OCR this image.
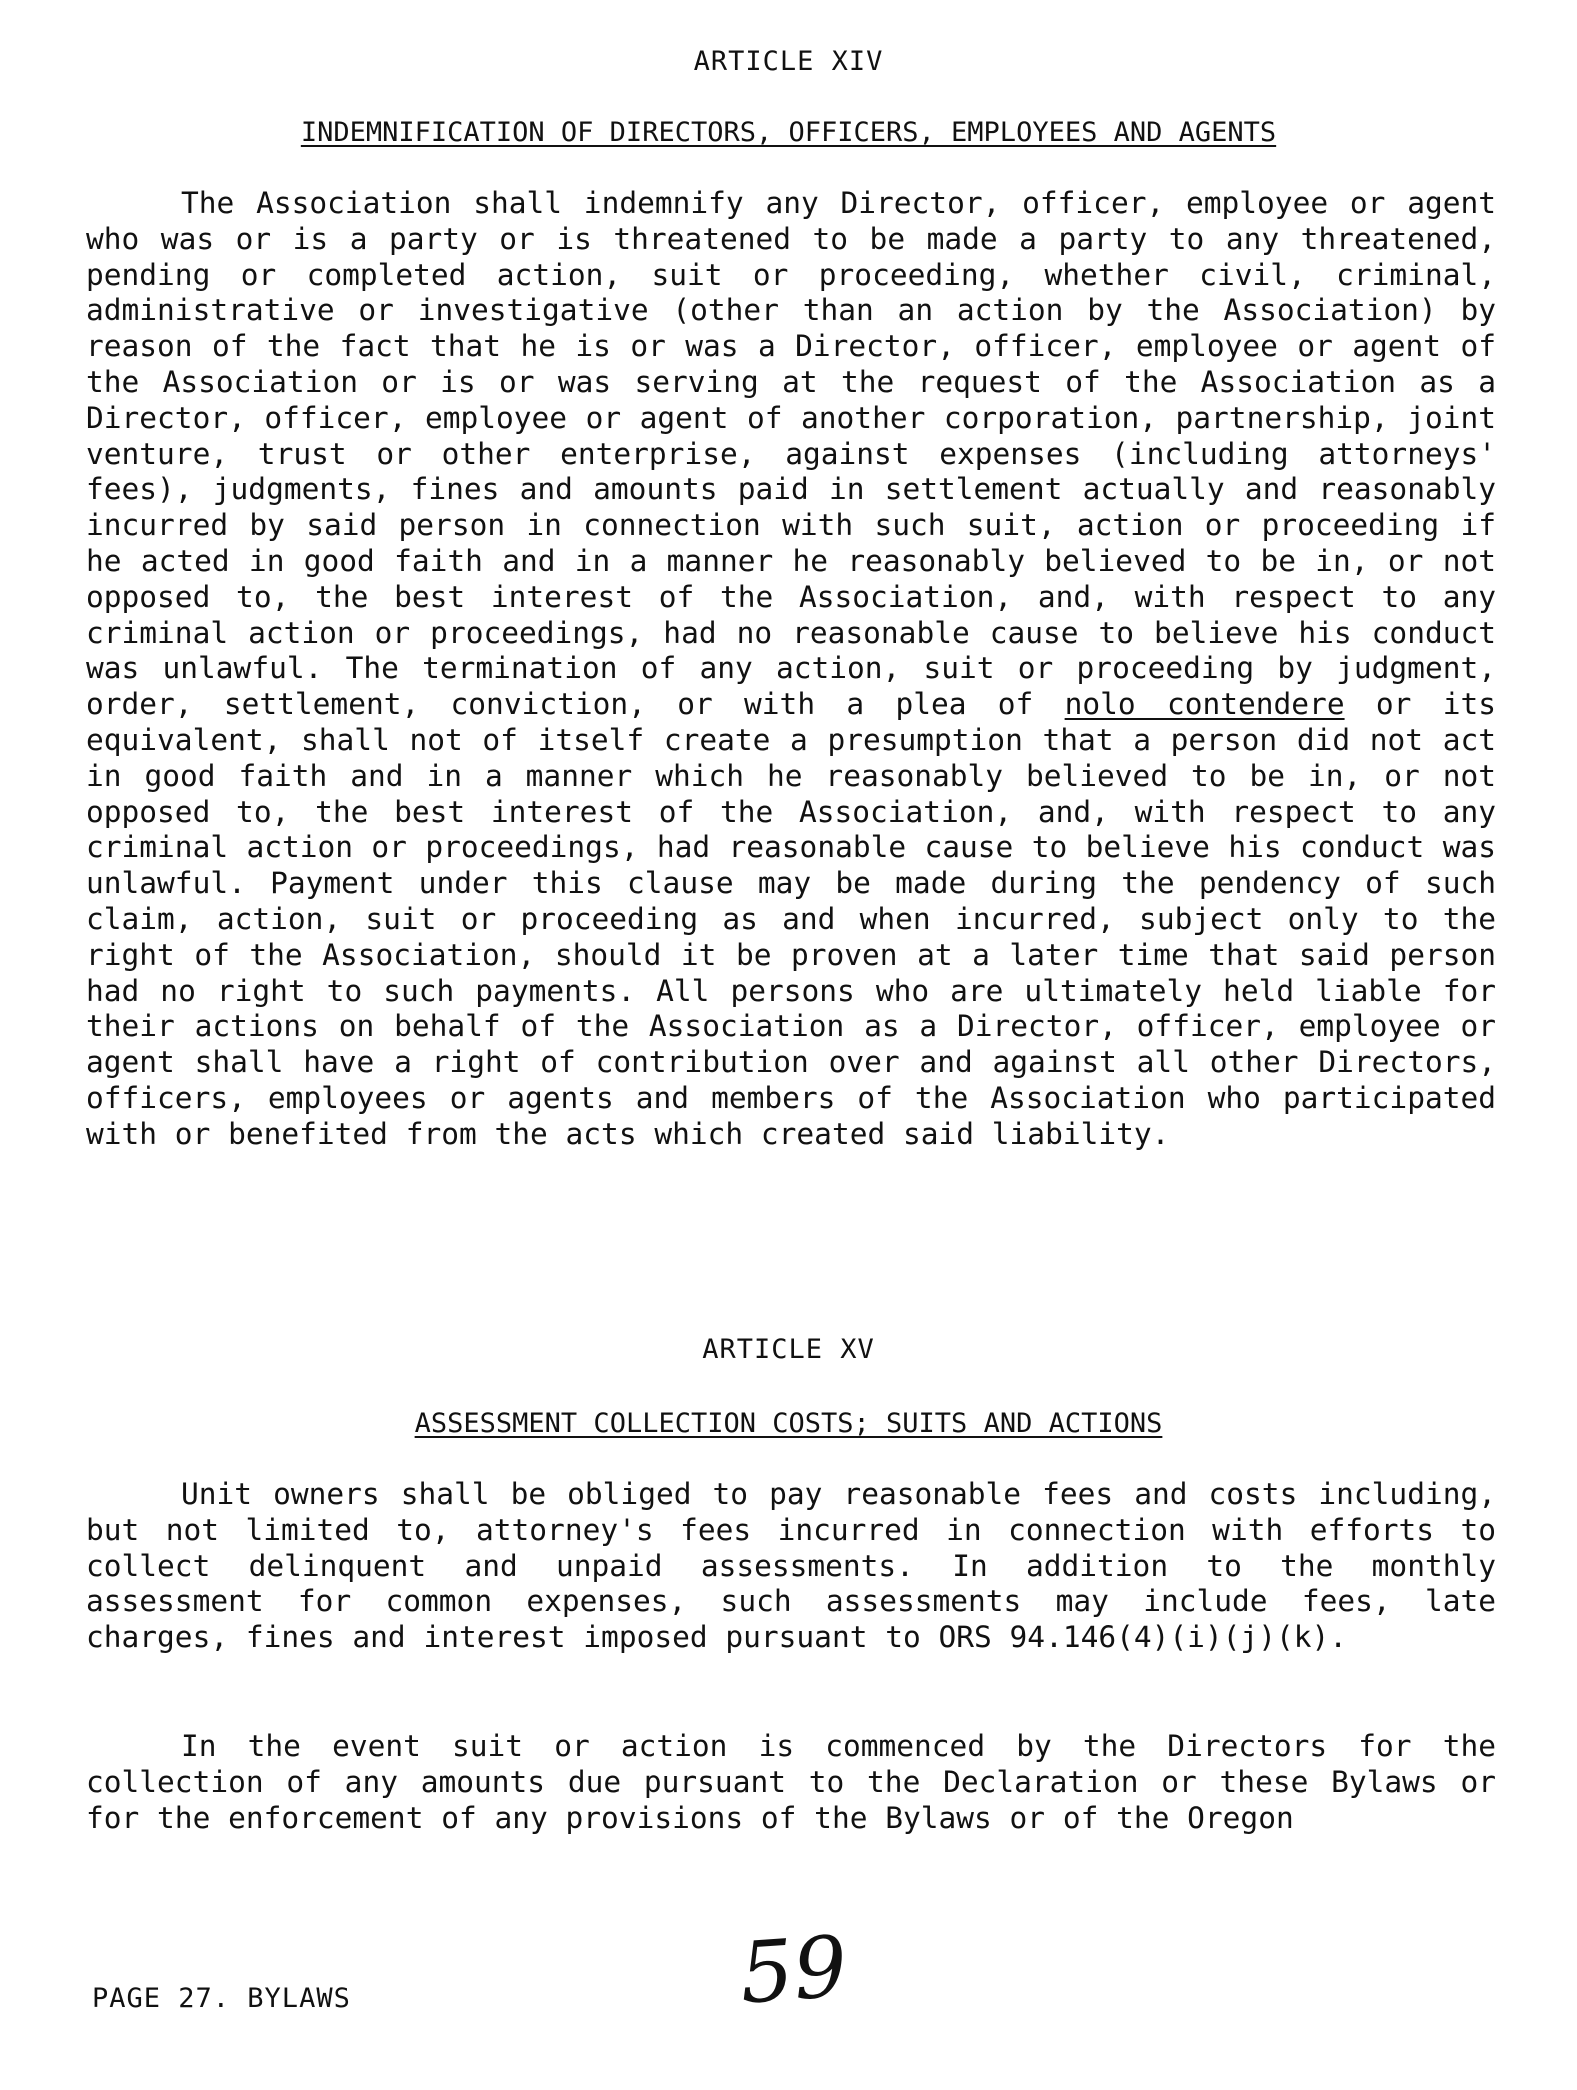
ARTICLE XIV
INDEMNIFICATION OF DIRECTORS, OFFICERS, EMPLOYEES AND AGENTS

The Association shall indemnify any Director, officer, employee or agent who was or is a party or is threatened to be made a party to any threatened, pending or completed action, suit or proceeding, whether civil, criminal, administrative or investigative (other than an action by the Association) by reason of the fact that he is or was a Director, officer, employee or agent of the Association or is or was serving at the request of the Association as a Director, officer, employee or agent of another corporation, partnership, joint venture, trust or other enterprise, against expenses (including attorneys' fees), judgments, fines and amounts paid in settlement actually and reasonably incurred by said person in connection with such suit, action or proceeding if he acted in good faith and in a manner he reasonably believed to be in, or not opposed to, the best interest of the Association, and, with respect to any criminal action or proceedings, had no reasonable cause to believe his conduct was unlawful. The termination of any action, suit or proceeding by judgment, order, settlement, conviction, or with a plea of nolo contendere or its equivalent, shall not of itself create a presumption that a person did not act in good faith and in a manner which he reasonably believed to be in, or not opposed to, the best interest of the Association, and, with respect to any criminal action or proceedings, had reasonable cause to believe his conduct was unlawful. Payment under this clause may be made during the pendency of such claim, action, suit or proceeding as and when incurred, subject only to the right of the Association, should it be proven at a later time that said person had no right to such payments. All persons who are ultimately held liable for their actions on behalf of the Association as a Director, officer, employee or agent shall have a right of contribution over and against all other Directors, officers, employees or agents and members of the Association who participated with or benefited from the acts which created said liability.

ARTICLE XV
ASSESSMENT COLLECTION COSTS; SUITS AND ACTIONS

Unit owners shall be obliged to pay reasonable fees and costs including, but not limited to, attorney's fees incurred in connection with efforts to collect delinquent and unpaid assessments. In addition to the monthly assessment for common expenses, such assessments may include fees, late charges, fines and interest imposed pursuant to ORS 94.146(4)(i)(j)(k).

In the event suit or action is commenced by the Directors for the collection of any amounts due pursuant to the Declaration or these Bylaws or for the enforcement of any provisions of the Bylaws or of the Oregon

PAGE 27. BYLAWS	59
